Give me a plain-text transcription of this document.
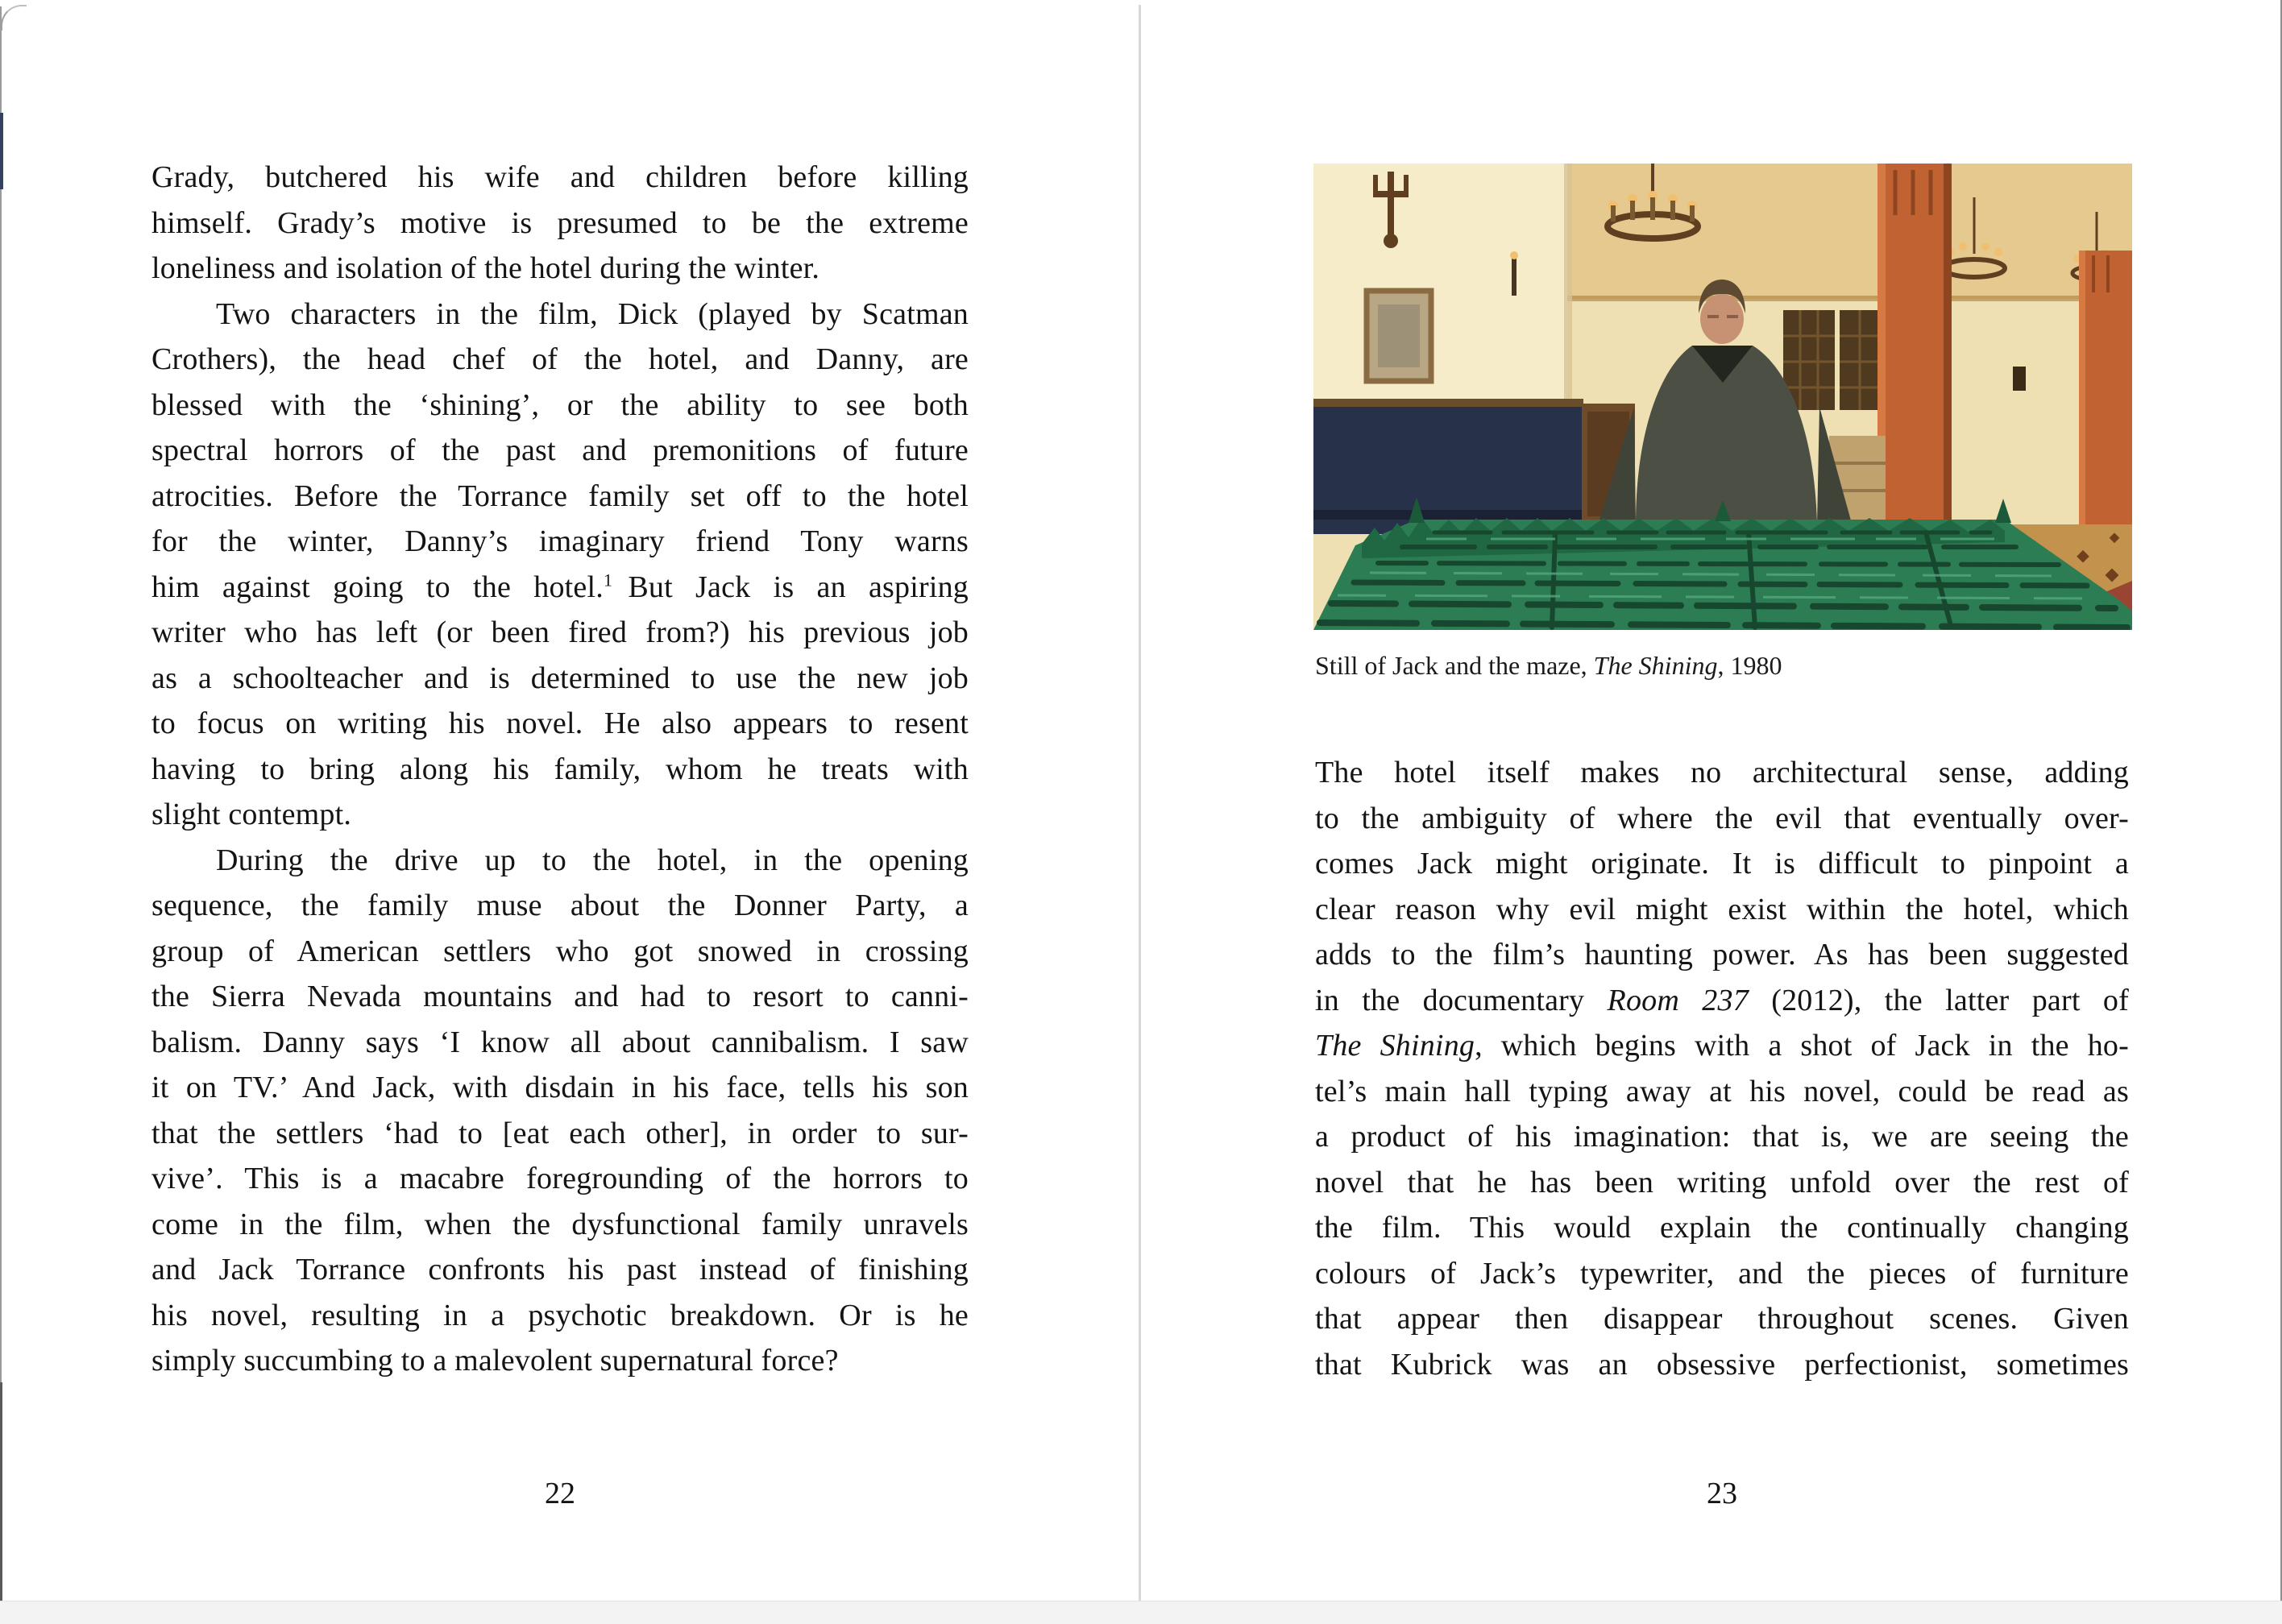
Grady, butchered his wife and children before killing
himself. Grady’s motive is presumed to be the extreme
loneliness and isolation of the hotel during the winter.
Two characters in the film, Dick (played by Scatman
Crothers), the head chef of the hotel, and Danny, are
blessed with the ‘shining’, or the ability to see both
spectral horrors of the past and premonitions of future
atrocities. Before the Torrance family set off to the hotel
for the winter, Danny’s imaginary friend Tony warns
him against going to the hotel.$^1$ But Jack is an aspiring
writer who has left (or been fired from?) his previous job
as a schoolteacher and is determined to use the new job
to focus on writing his novel. He also appears to resent
having to bring along his family, whom he treats with
slight contempt.
During the drive up to the hotel, in the opening
sequence, the family muse about the Donner Party, a
group of American settlers who got snowed in crossing
the Sierra Nevada mountains and had to resort to canni-
balism. Danny says ‘I know all about cannibalism. I saw
it on TV.’ And Jack, with disdain in his face, tells his son
that the settlers ‘had to [eat each other], in order to sur-
vive’. This is a macabre foregrounding of the horrors to
come in the film, when the dysfunctional family unravels
and Jack Torrance confronts his past instead of finishing
his novel, resulting in a psychotic breakdown. Or is he
simply succumbing to a malevolent supernatural force?
22
Still of Jack and the maze, The Shining, 1980
The hotel itself makes no architectural sense, adding
to the ambiguity of where the evil that eventually over-
comes Jack might originate. It is difficult to pinpoint a
clear reason why evil might exist within the hotel, which
adds to the film’s haunting power. As has been suggested
in the documentary Room 237 (2012), the latter part of
The Shining, which begins with a shot of Jack in the ho-
tel’s main hall typing away at his novel, could be read as
a product of his imagination: that is, we are seeing the
novel that he has been writing unfold over the rest of
the film. This would explain the continually changing
colours of Jack’s typewriter, and the pieces of furniture
that appear then disappear throughout scenes. Given
that Kubrick was an obsessive perfectionist, sometimes
23
